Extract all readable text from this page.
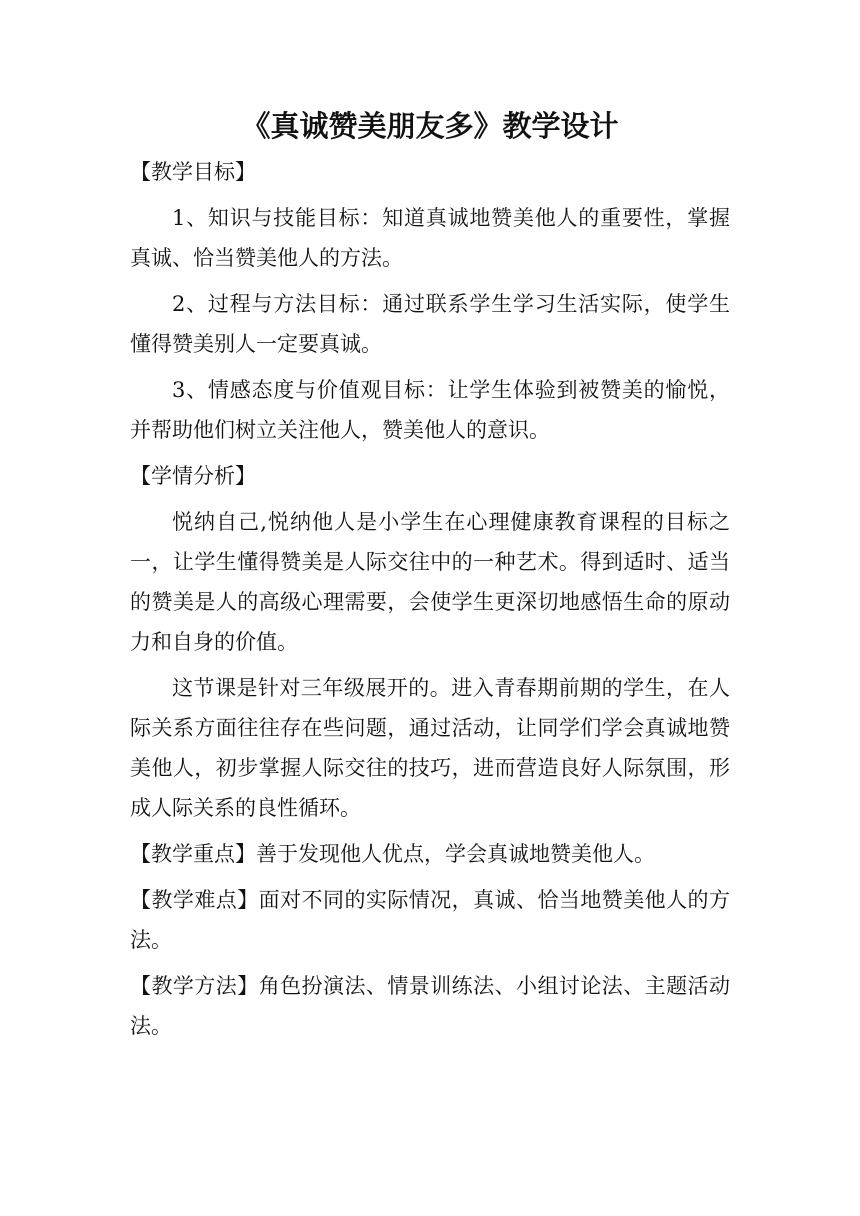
《真诚赞美朋友多》教学设计

【教学目标】

1、知识与技能目标：知道真诚地赞美他人的重要性，掌握真诚、恰当赞美他人的方法。

2、过程与方法目标：通过联系学生学习生活实际，使学生懂得赞美别人一定要真诚。

3、情感态度与价值观目标：让学生体验到被赞美的愉悦，并帮助他们树立关注他人，赞美他人的意识。

【学情分析】

悦纳自己,悦纳他人是小学生在心理健康教育课程的目标之一，让学生懂得赞美是人际交往中的一种艺术。得到适时、适当的赞美是人的高级心理需要，会使学生更深切地感悟生命的原动力和自身的价值。

这节课是针对三年级展开的。进入青春期前期的学生，在人际关系方面往往存在些问题，通过活动，让同学们学会真诚地赞美他人，初步掌握人际交往的技巧，进而营造良好人际氛围，形成人际关系的良性循环。

【教学重点】善于发现他人优点，学会真诚地赞美他人。

【教学难点】面对不同的实际情况，真诚、恰当地赞美他人的方法。

【教学方法】角色扮演法、情景训练法、小组讨论法、主题活动法。
